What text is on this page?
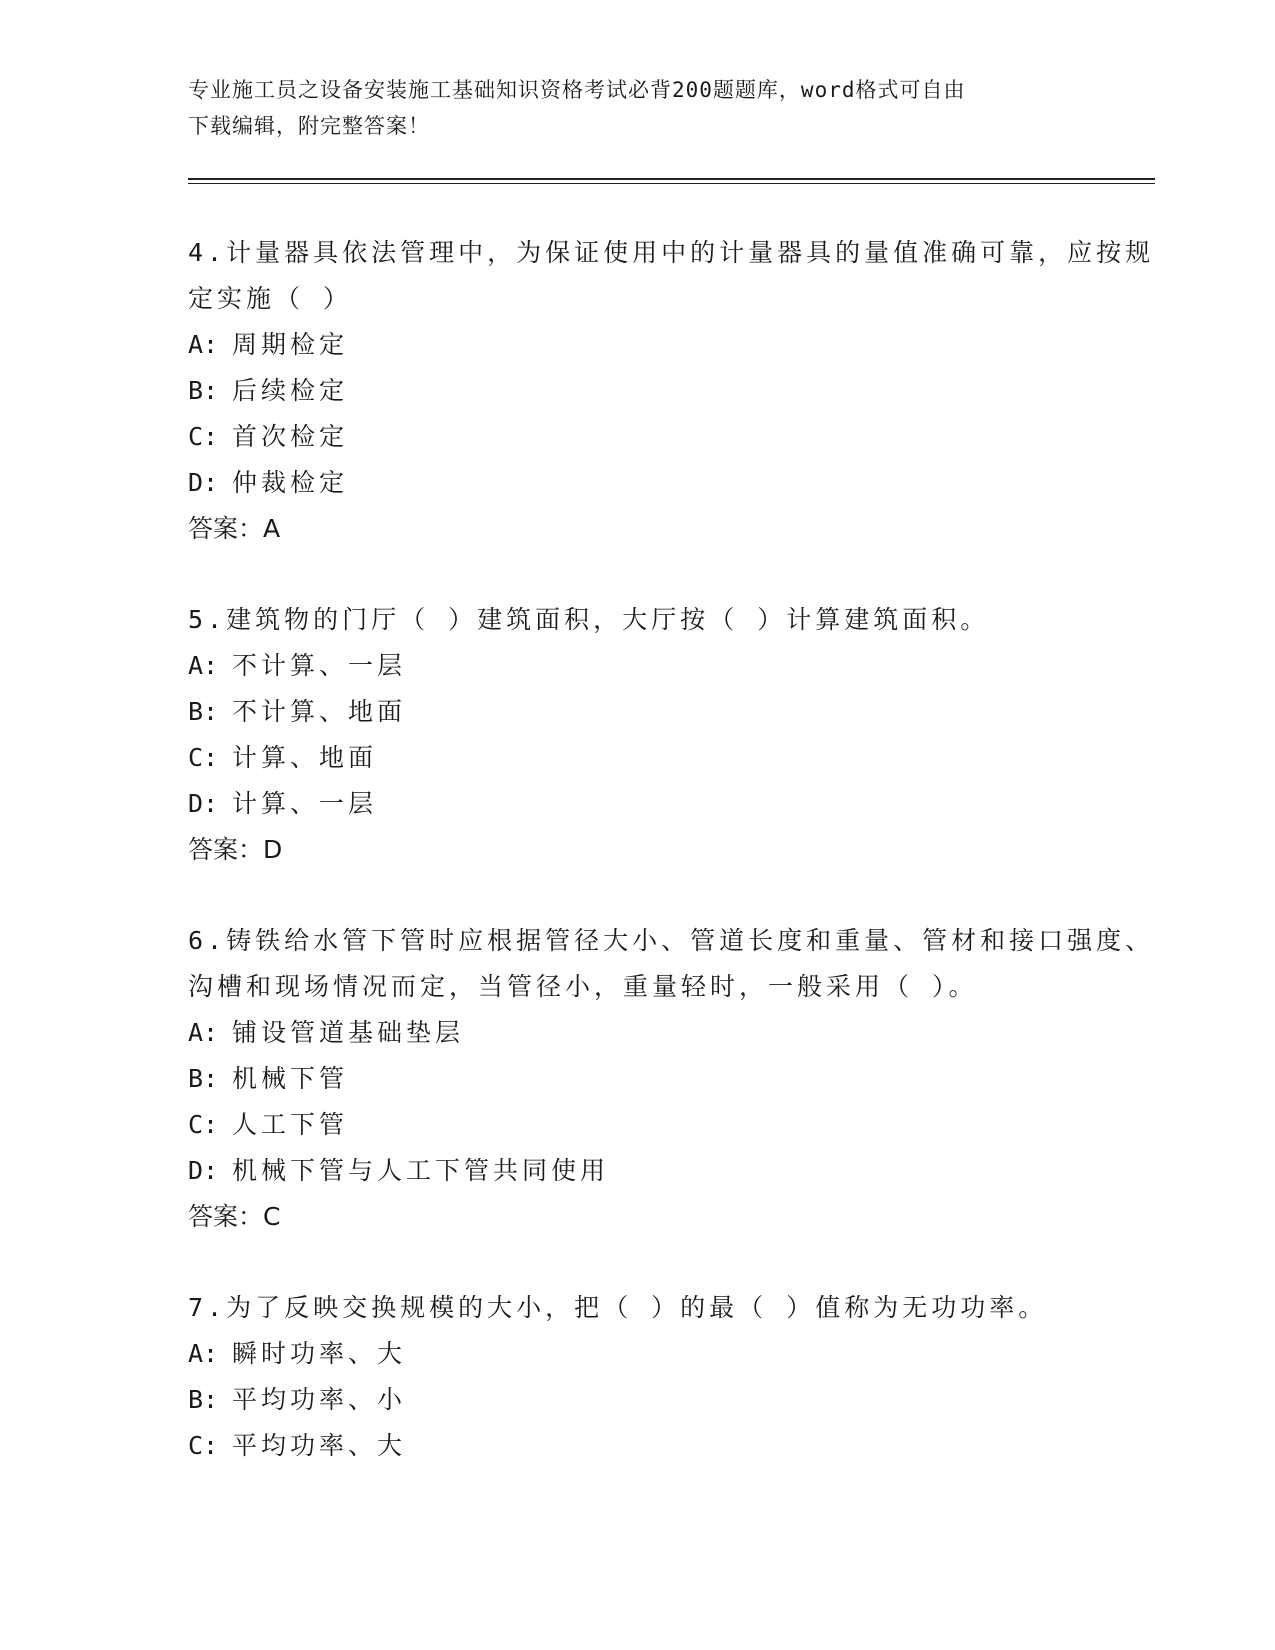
专业施工员之设备安装施工基础知识资格考试必背200题题库，word格式可自由
下载编辑，附完整答案！

4.计量器具依法管理中，为保证使用中的计量器具的量值准确可靠，应按规定实施（ ）

A: 周期检定

B: 后续检定

C: 首次检定

D: 仲裁检定

答案：A

5.建筑物的门厅（ ）建筑面积，大厅按（ ）计算建筑面积。

A: 不计算、一层

B: 不计算、地面

C: 计算、地面

D: 计算、一层

答案：D

6.铸铁给水管下管时应根据管径大小、管道长度和重量、管材和接口强度、沟槽和现场情况而定，当管径小，重量轻时，一般采用（ ）。

A: 铺设管道基础垫层

B: 机械下管

C: 人工下管

D: 机械下管与人工下管共同使用

答案：C

7.为了反映交换规模的大小，把（ ）的最（ ）值称为无功功率。

A: 瞬时功率、大

B: 平均功率、小

C: 平均功率、大
